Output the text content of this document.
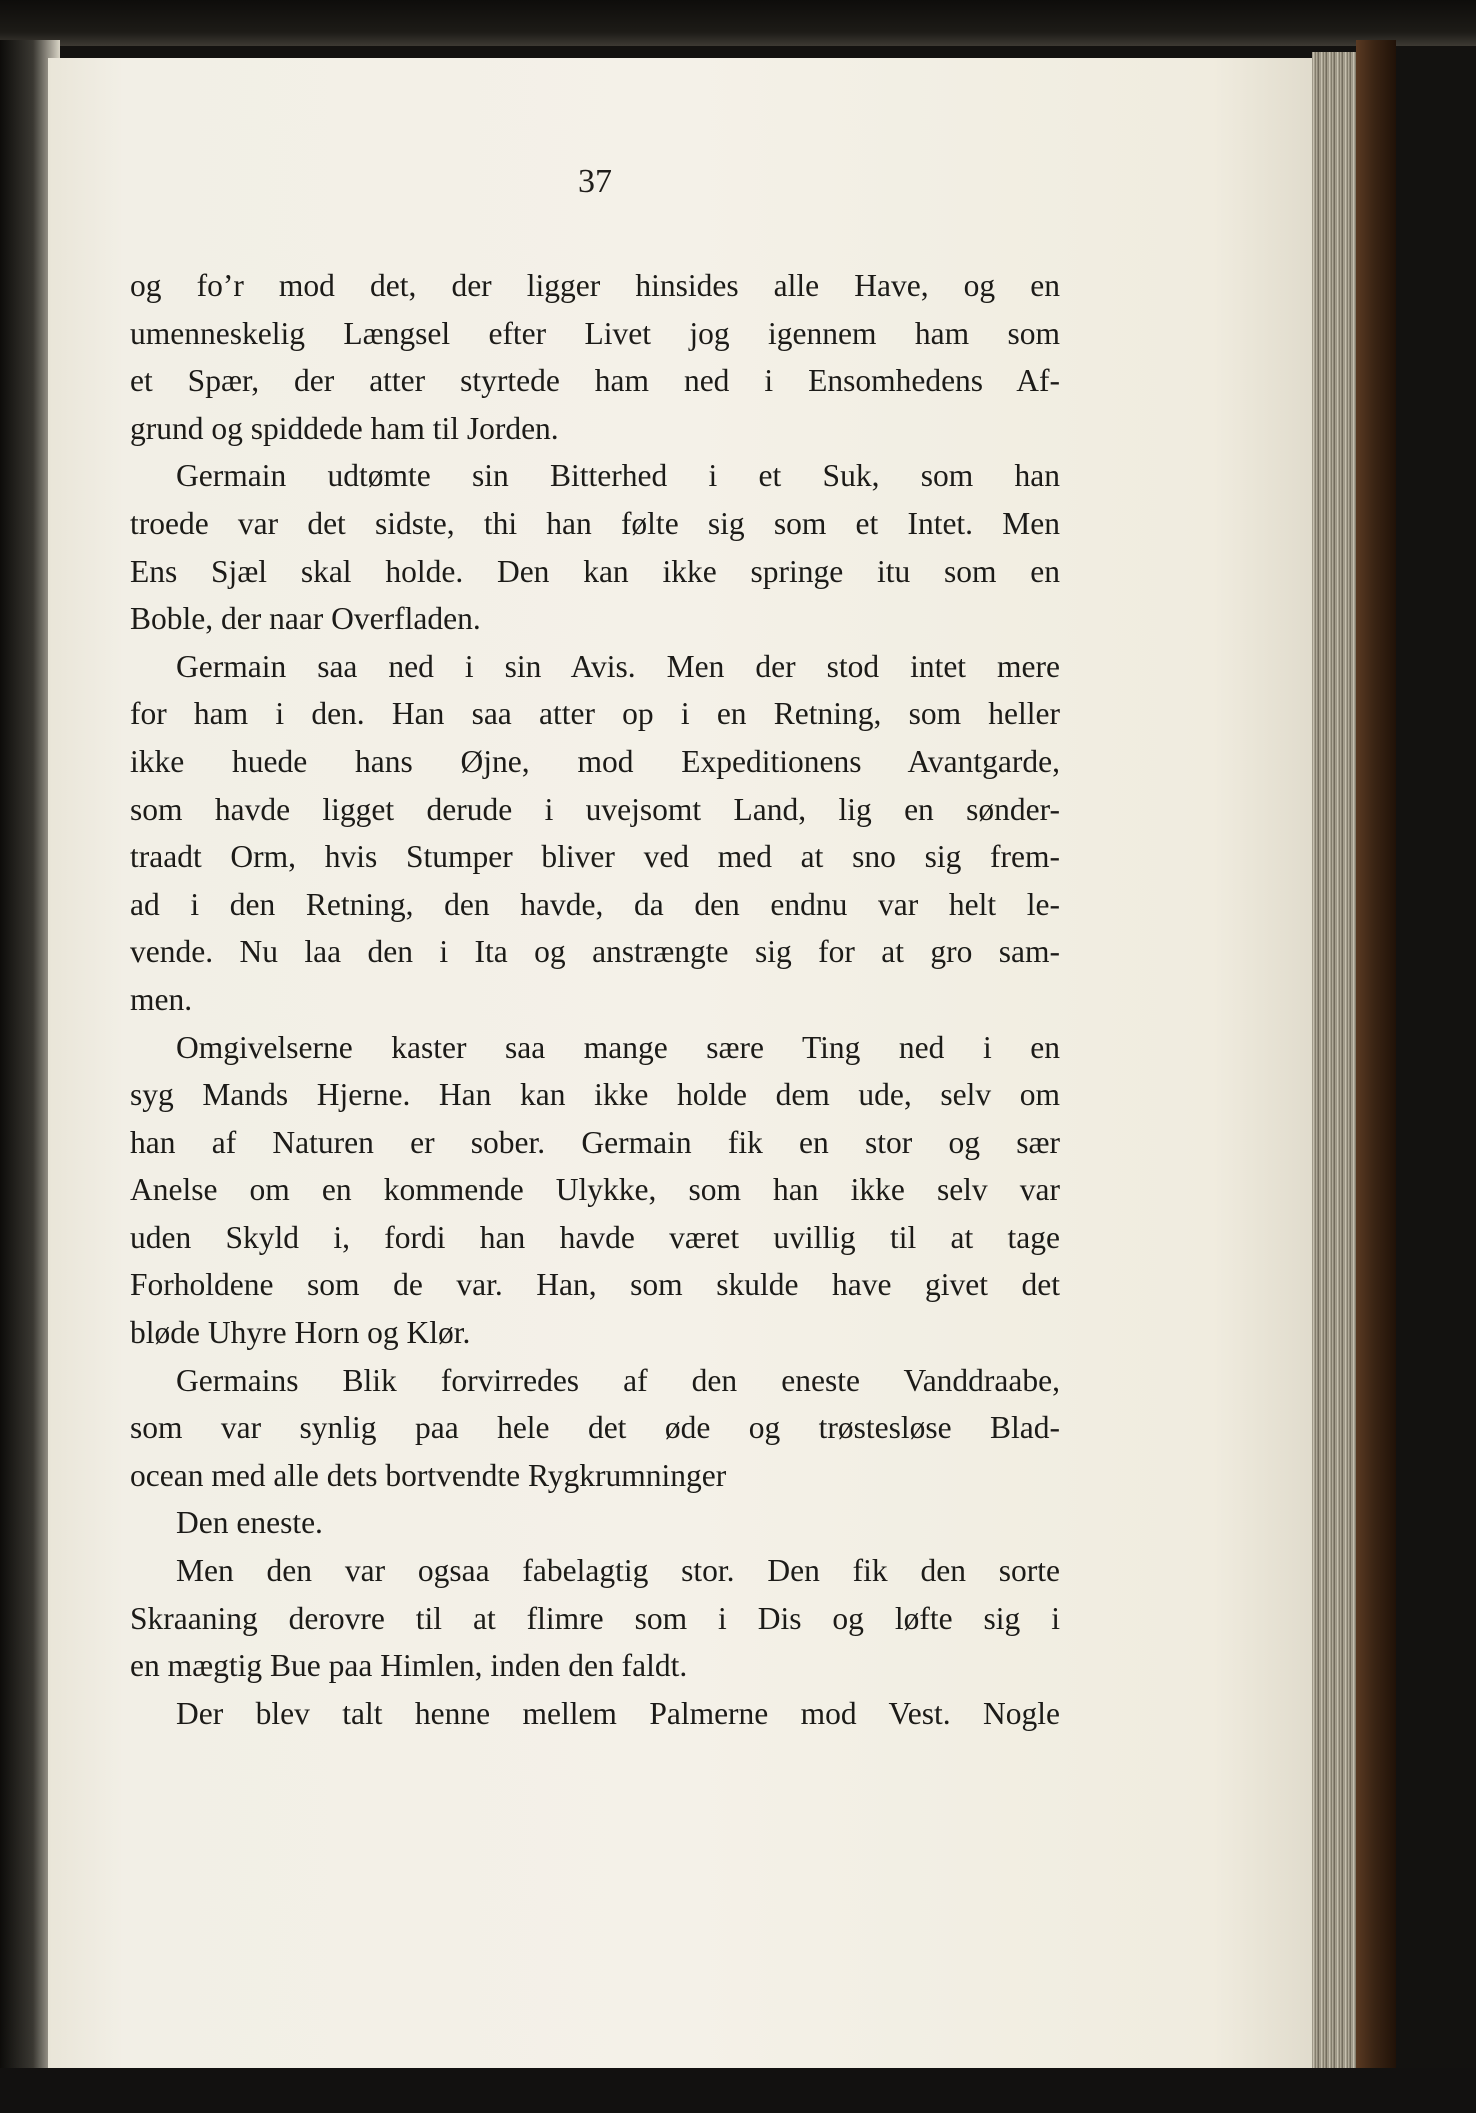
37

og fo’r mod det, der ligger hinsides alle Have, og en
umenneskelig Længsel efter Livet jog igennem ham som
et Spær, der atter styrtede ham ned i Ensomhedens Af-
grund og spiddede ham til Jorden.
Germain udtømte sin Bitterhed i et Suk, som han
troede var det sidste, thi han følte sig som et Intet. Men
Ens Sjæl skal holde. Den kan ikke springe itu som en
Boble, der naar Overfladen.
Germain saa ned i sin Avis. Men der stod intet mere
for ham i den. Han saa atter op i en Retning, som heller
ikke huede hans Øjne, mod Expeditionens Avantgarde,
som havde ligget derude i uvejsomt Land, lig en sønder-
traadt Orm, hvis Stumper bliver ved med at sno sig frem-
ad i den Retning, den havde, da den endnu var helt le-
vende. Nu laa den i Ita og anstrængte sig for at gro sam-
men.
Omgivelserne kaster saa mange sære Ting ned i en
syg Mands Hjerne. Han kan ikke holde dem ude, selv om
han af Naturen er sober. Germain fik en stor og sær
Anelse om en kommende Ulykke, som han ikke selv var
uden Skyld i, fordi han havde været uvillig til at tage
Forholdene som de var. Han, som skulde have givet det
bløde Uhyre Horn og Klør.
Germains Blik forvirredes af den eneste Vanddraabe,
som var synlig paa hele det øde og trøstesløse Blad-
ocean med alle dets bortvendte Rygkrumninger
Den eneste.
Men den var ogsaa fabelagtig stor. Den fik den sorte
Skraaning derovre til at flimre som i Dis og løfte sig i
en mægtig Bue paa Himlen, inden den faldt.
Der blev talt henne mellem Palmerne mod Vest. Nogle
